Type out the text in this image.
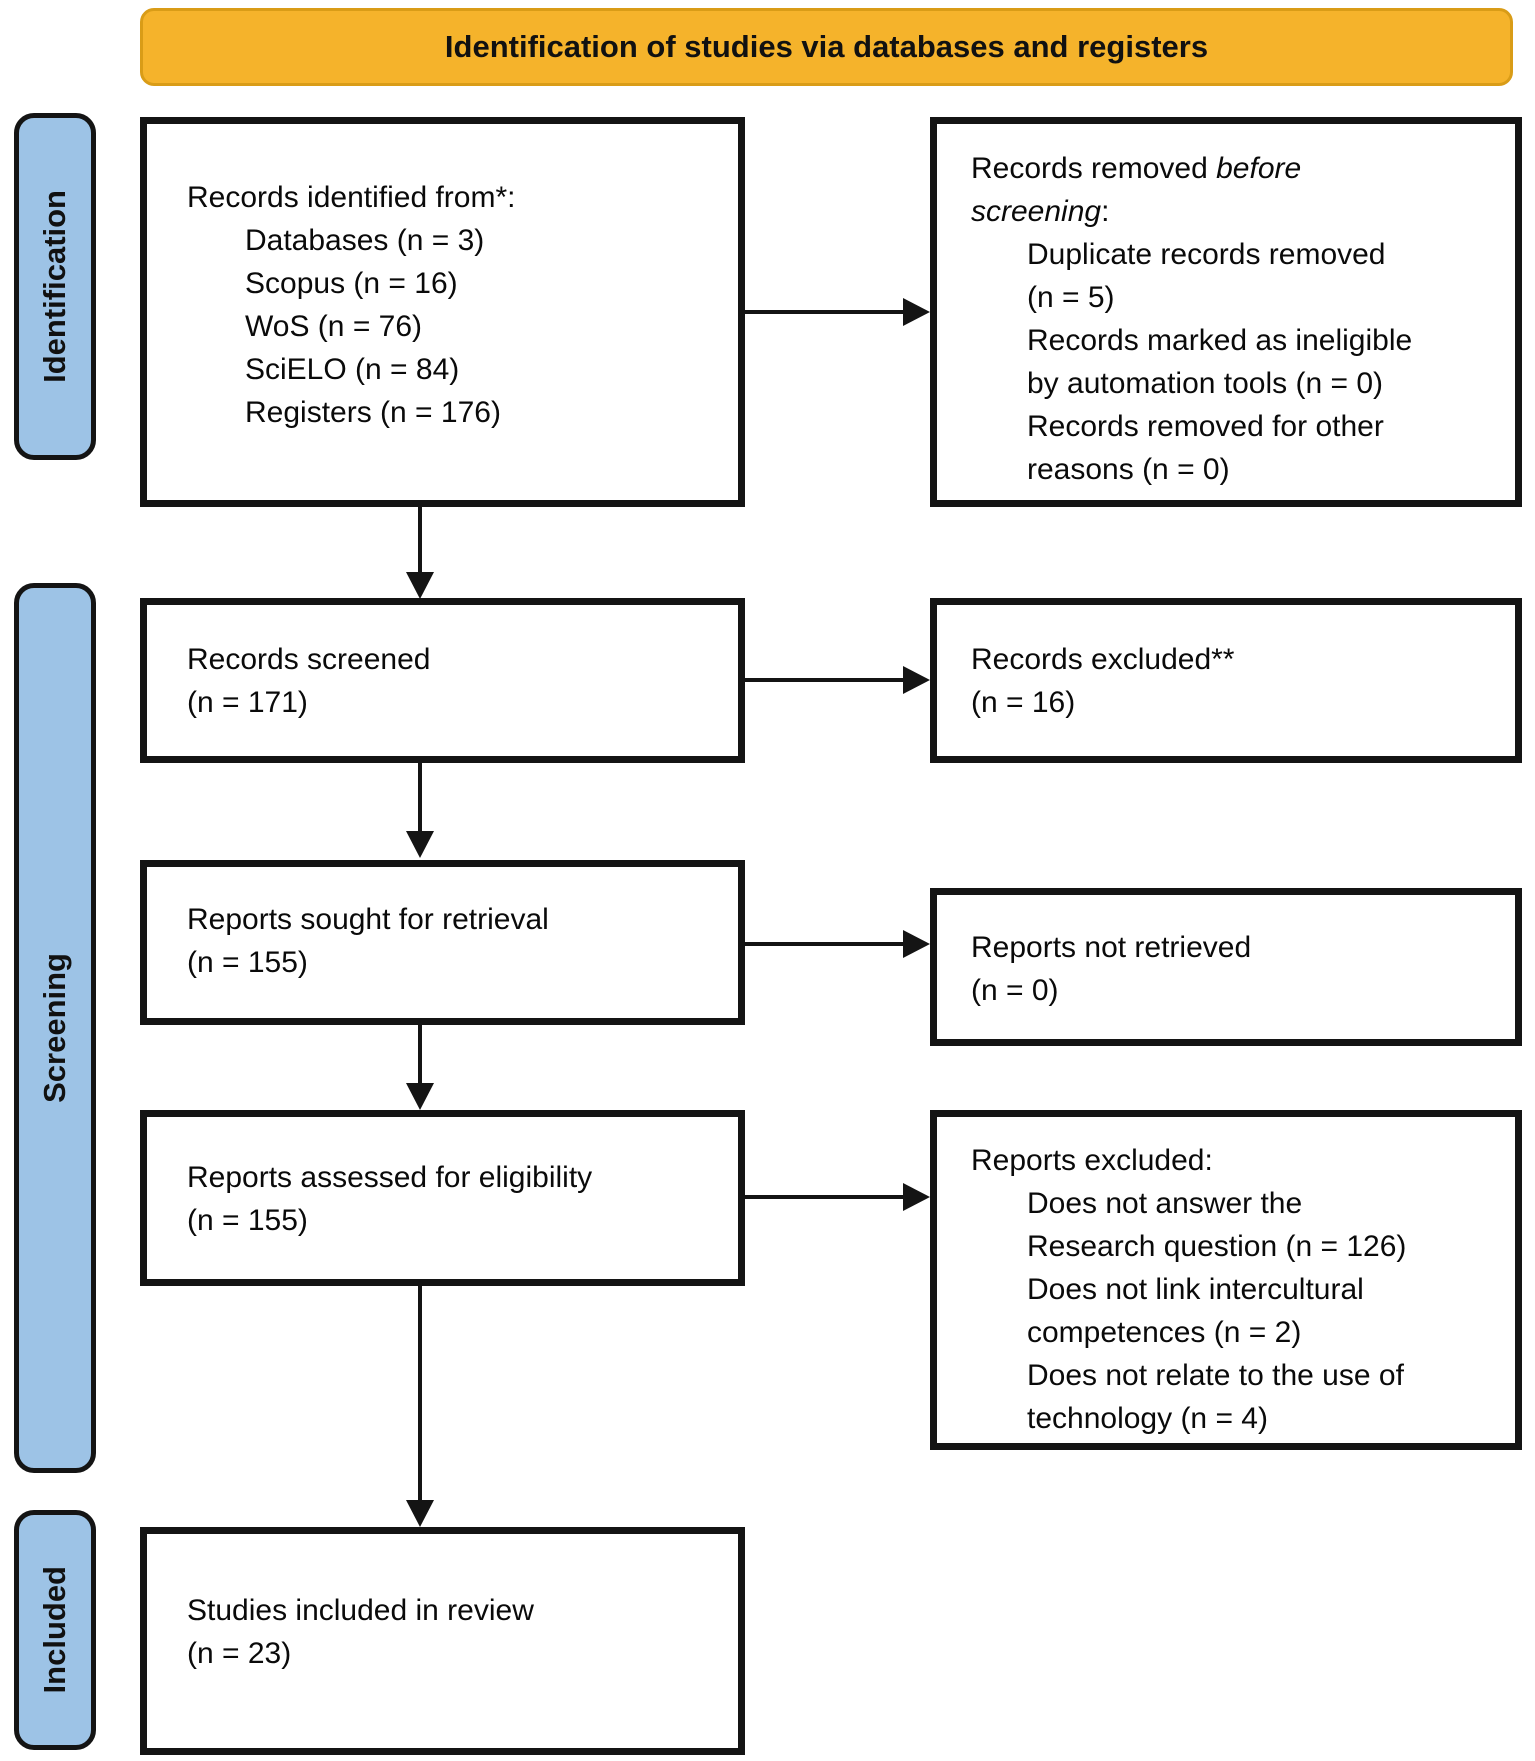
Identification of studies via databases and registers
Identification
Screening
Included
Records identified from*:
Databases (n = 3)
Scopus (n = 16)
WoS (n = 76)
SciELO (n = 84)
Registers (n = 176)
Records screened
(n = 171)
Reports sought for retrieval
(n = 155)
Reports assessed for eligibility
(n = 155)
Studies included in review
(n = 23)
Records removed before
screening:
Duplicate records removed
(n = 5)
Records marked as ineligible
by automation tools (n = 0)
Records removed for other
reasons (n = 0)
Records excluded**
(n = 16)
Reports not retrieved
(n = 0)
Reports excluded:
Does not answer the
Research question (n = 126)
Does not link intercultural
competences (n = 2)
Does not relate to the use of
technology (n = 4)
